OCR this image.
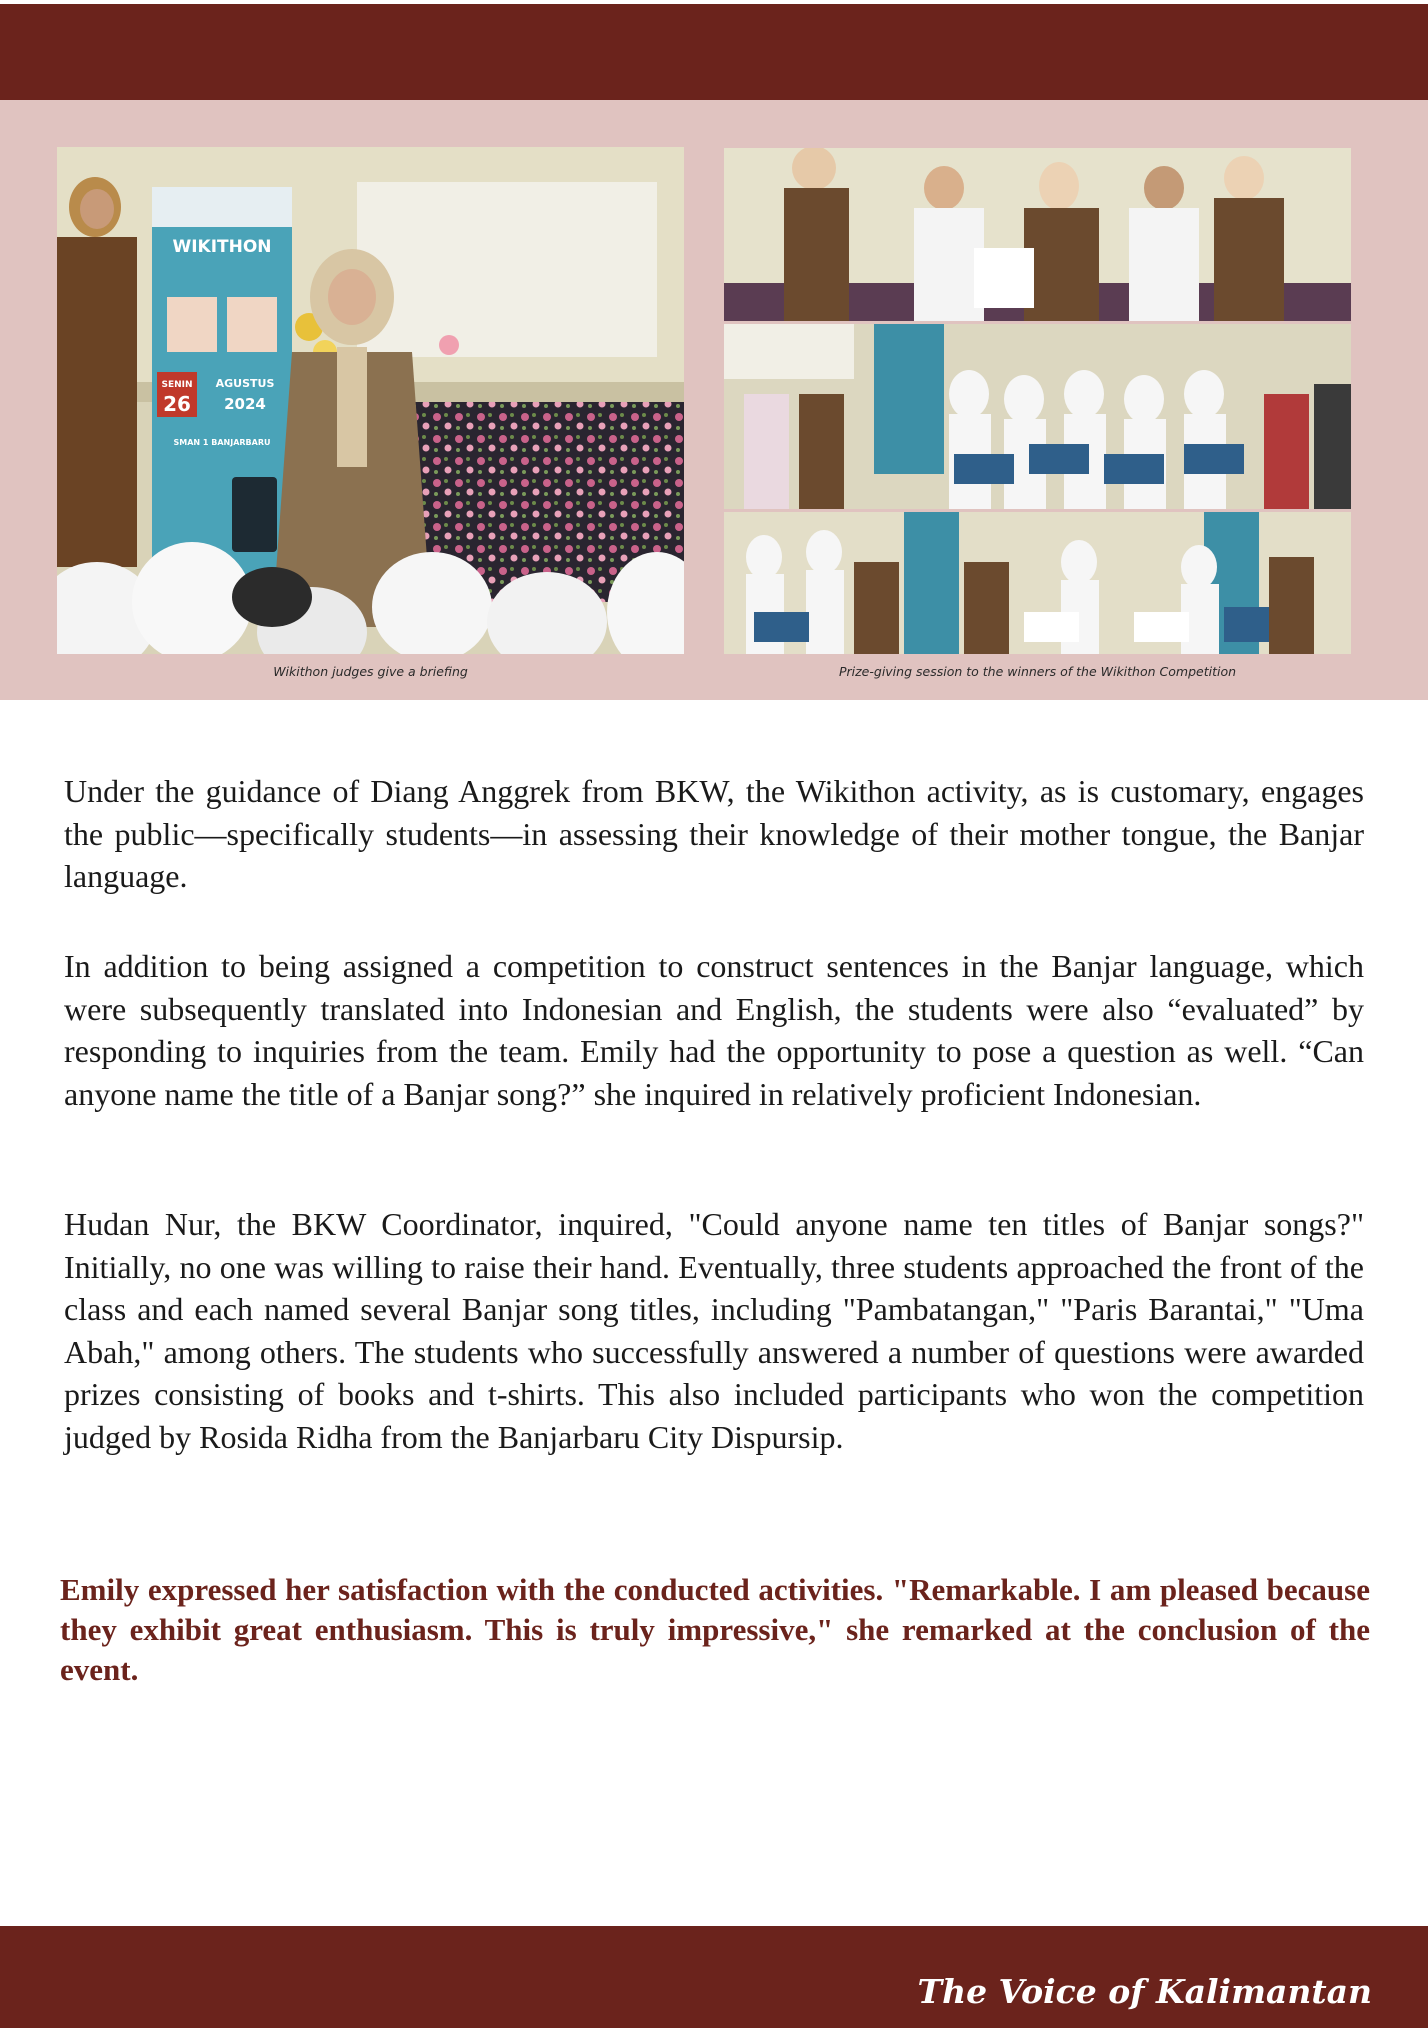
WIKITHON
SENIN
26
AGUSTUS
2024
SMAN 1 BANJARBARU
Wikithon judges give a briefing	Prize-giving session to the winners of the Wikithon Competition

Under the guidance of Diang Anggrek from BKW, the Wikithon activity, as is customary, engages the public—specifically students—in assessing their knowledge of their mother tongue, the Banjar language.

In addition to being assigned a competition to construct sentences in the Banjar language, which were subsequently translated into Indonesian and English, the students were also “evaluated” by responding to inquiries from the team. Emily had the opportunity to pose a question as well. “Can anyone name the title of a Banjar song?” she inquired in relatively proficient Indonesian.

Hudan Nur, the BKW Coordinator, inquired, "Could anyone name ten titles of Banjar songs?" Initially, no one was willing to raise their hand. Eventually, three students approached the front of the class and each named several Banjar song titles, including "Pambatangan," "Paris Barantai," "Uma Abah," among others. The students who successfully answered a number of questions were awarded prizes consisting of books and t-shirts. This also included participants who won the competition judged by Rosida Ridha from the Banjarbaru City Dispursip.

Emily expressed her satisfaction with the conducted activities. "Remarkable. I am pleased because they exhibit great enthusiasm. This is truly impressive," she remarked at the conclusion of the event.

The Voice of Kalimantan
